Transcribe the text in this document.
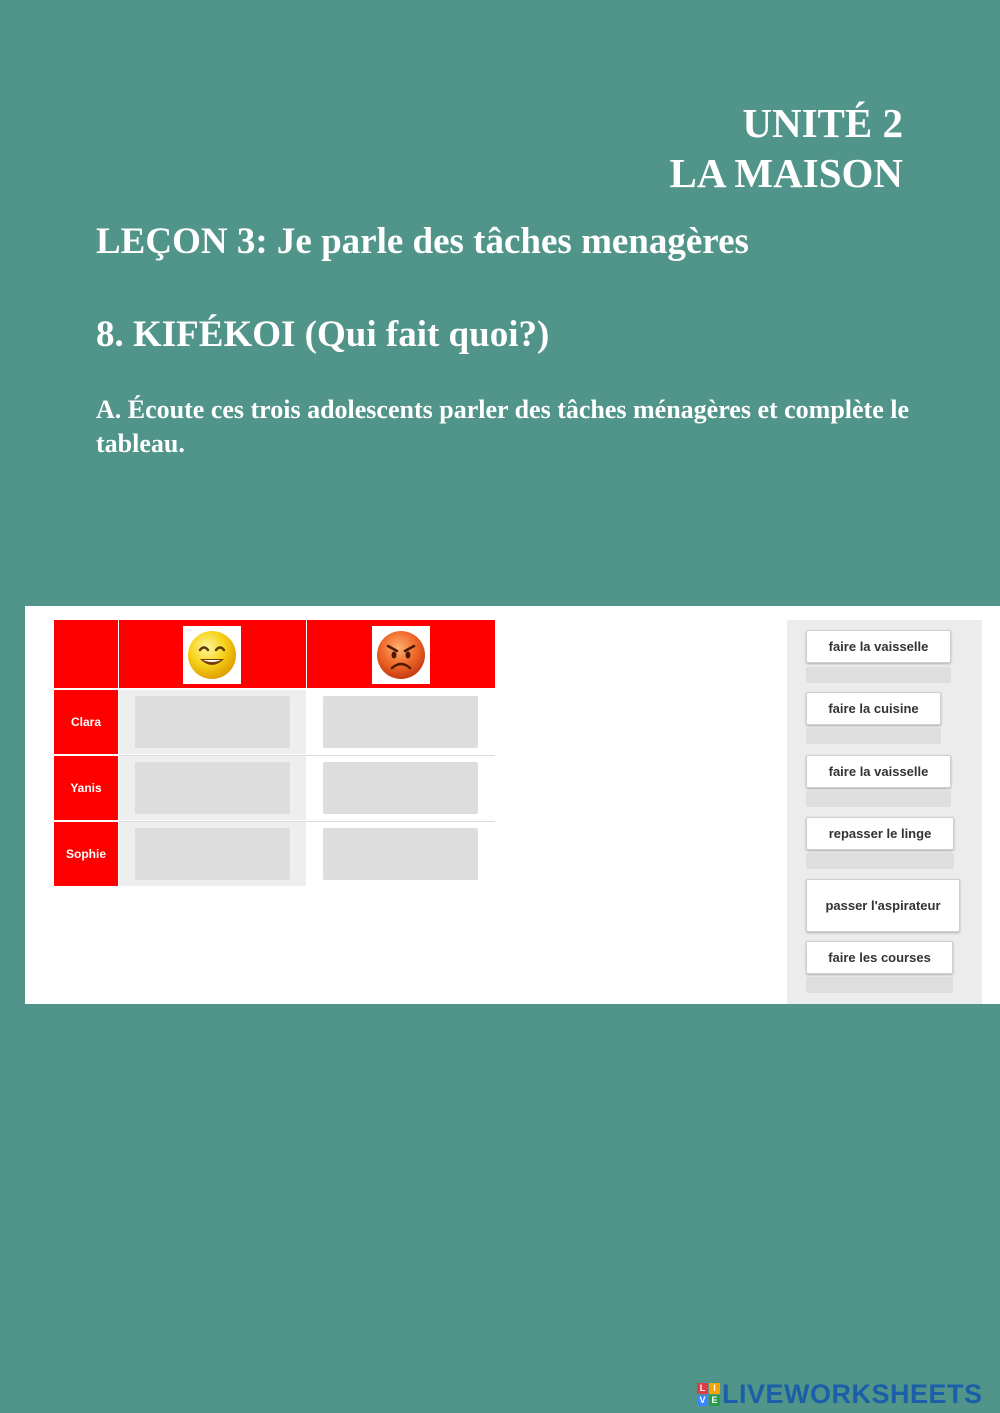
UNITÉ 2
LA MAISON
LEÇON 3: Je parle des tâches menagères
8. KIFÉKOI (Qui fait quoi?)
A. Écoute ces trois adolescents parler des tâches ménagères et complète le tableau.
Clara
Yanis
Sophie
faire la vaisselle
faire la cuisine
faire la vaisselle
repasser le linge
passer l'aspirateur
faire les courses
L I
V E LIVEWORKSHEETS
